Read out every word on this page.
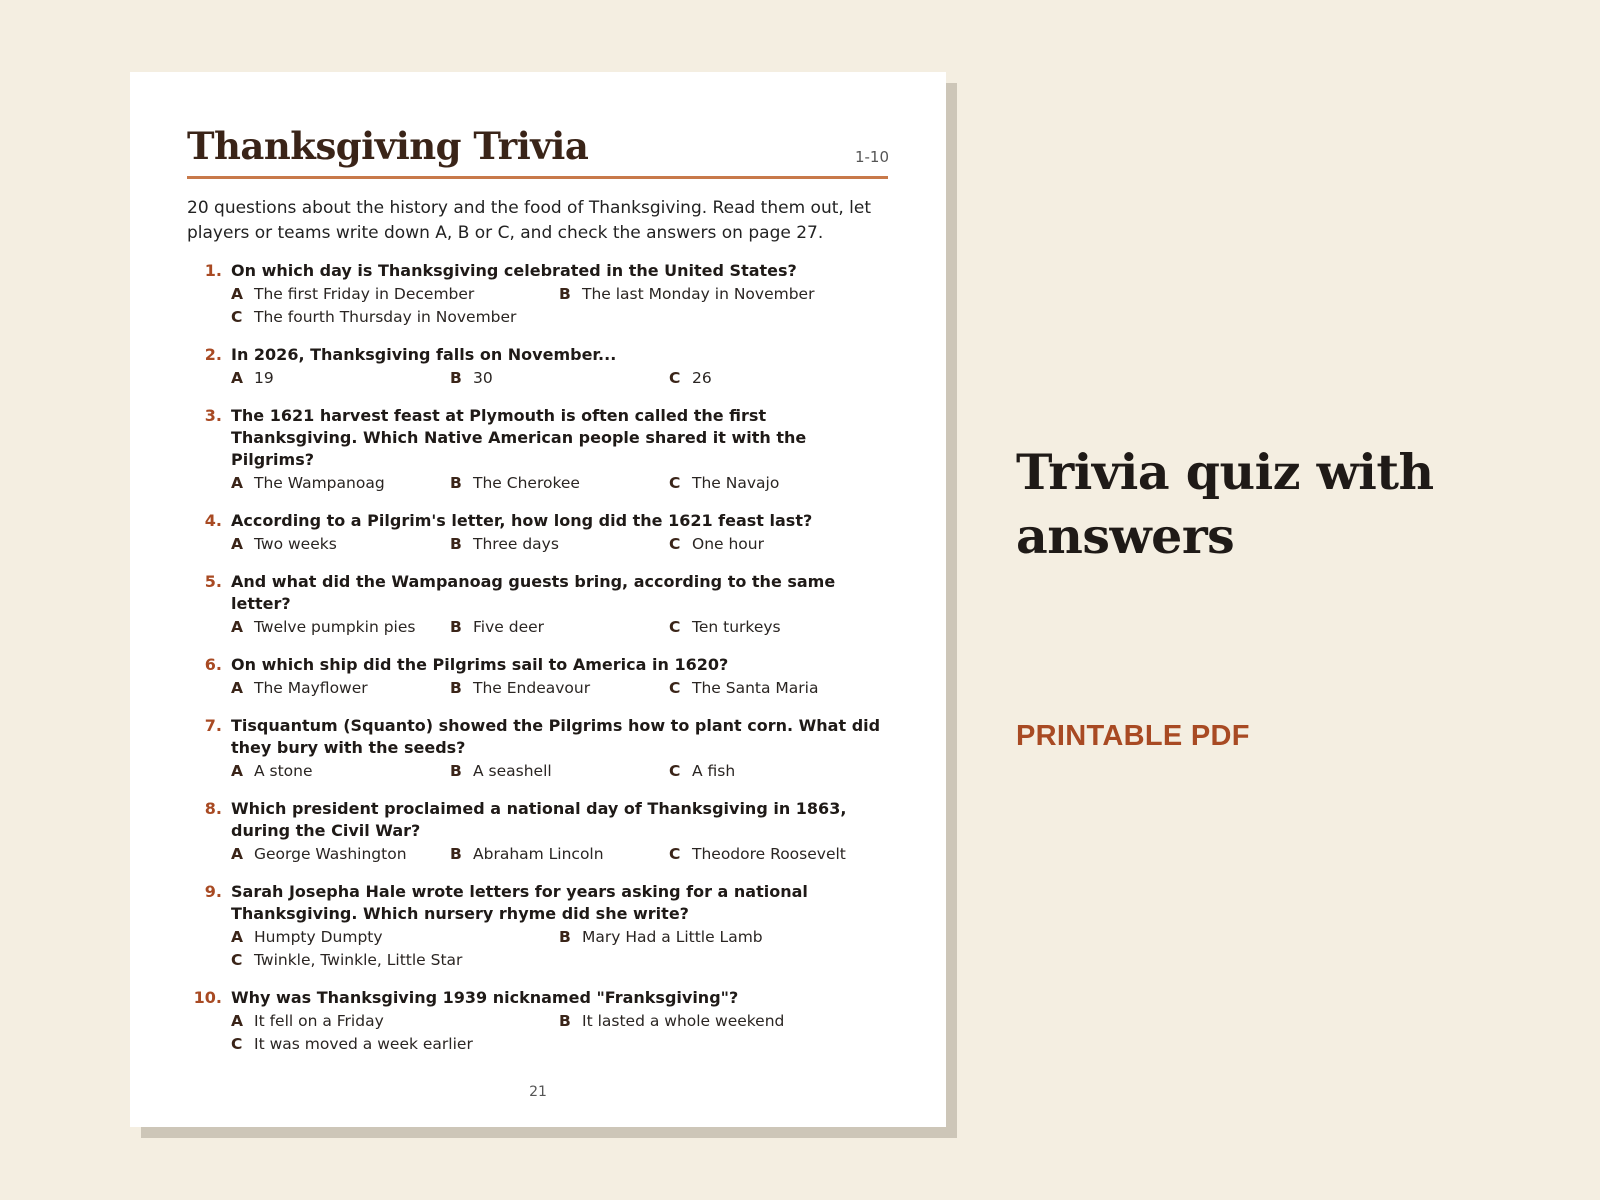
Thanksgiving Trivia	1-10
20 questions about the history and the food of Thanksgiving. Read them out, let players or teams write down A, B or C, and check the answers on page 27.
1. On which day is Thanksgiving celebrated in the United States?
A The first Friday in December	B The last Monday in November
C The fourth Thursday in November
2. In 2026, Thanksgiving falls on November...
A 19	B 30	C 26
3. The 1621 harvest feast at Plymouth is often called the first Thanksgiving. Which Native American people shared it with the Pilgrims?
A The Wampanoag	B The Cherokee	C The Navajo
4. According to a Pilgrim's letter, how long did the 1621 feast last?
A Two weeks	B Three days	C One hour
5. And what did the Wampanoag guests bring, according to the same letter?
A Twelve pumpkin pies	B Five deer	C Ten turkeys
6. On which ship did the Pilgrims sail to America in 1620?
A The Mayflower	B The Endeavour	C The Santa Maria
7. Tisquantum (Squanto) showed the Pilgrims how to plant corn. What did they bury with the seeds?
A A stone	B A seashell	C A fish
8. Which president proclaimed a national day of Thanksgiving in 1863, during the Civil War?
A George Washington	B Abraham Lincoln	C Theodore Roosevelt
9. Sarah Josepha Hale wrote letters for years asking for a national Thanksgiving. Which nursery rhyme did she write?
A Humpty Dumpty	B Mary Had a Little Lamb
C Twinkle, Twinkle, Little Star
10. Why was Thanksgiving 1939 nicknamed "Franksgiving"?
A It fell on a Friday	B It lasted a whole weekend
C It was moved a week earlier
21
Trivia quiz with answers
PRINTABLE PDF
